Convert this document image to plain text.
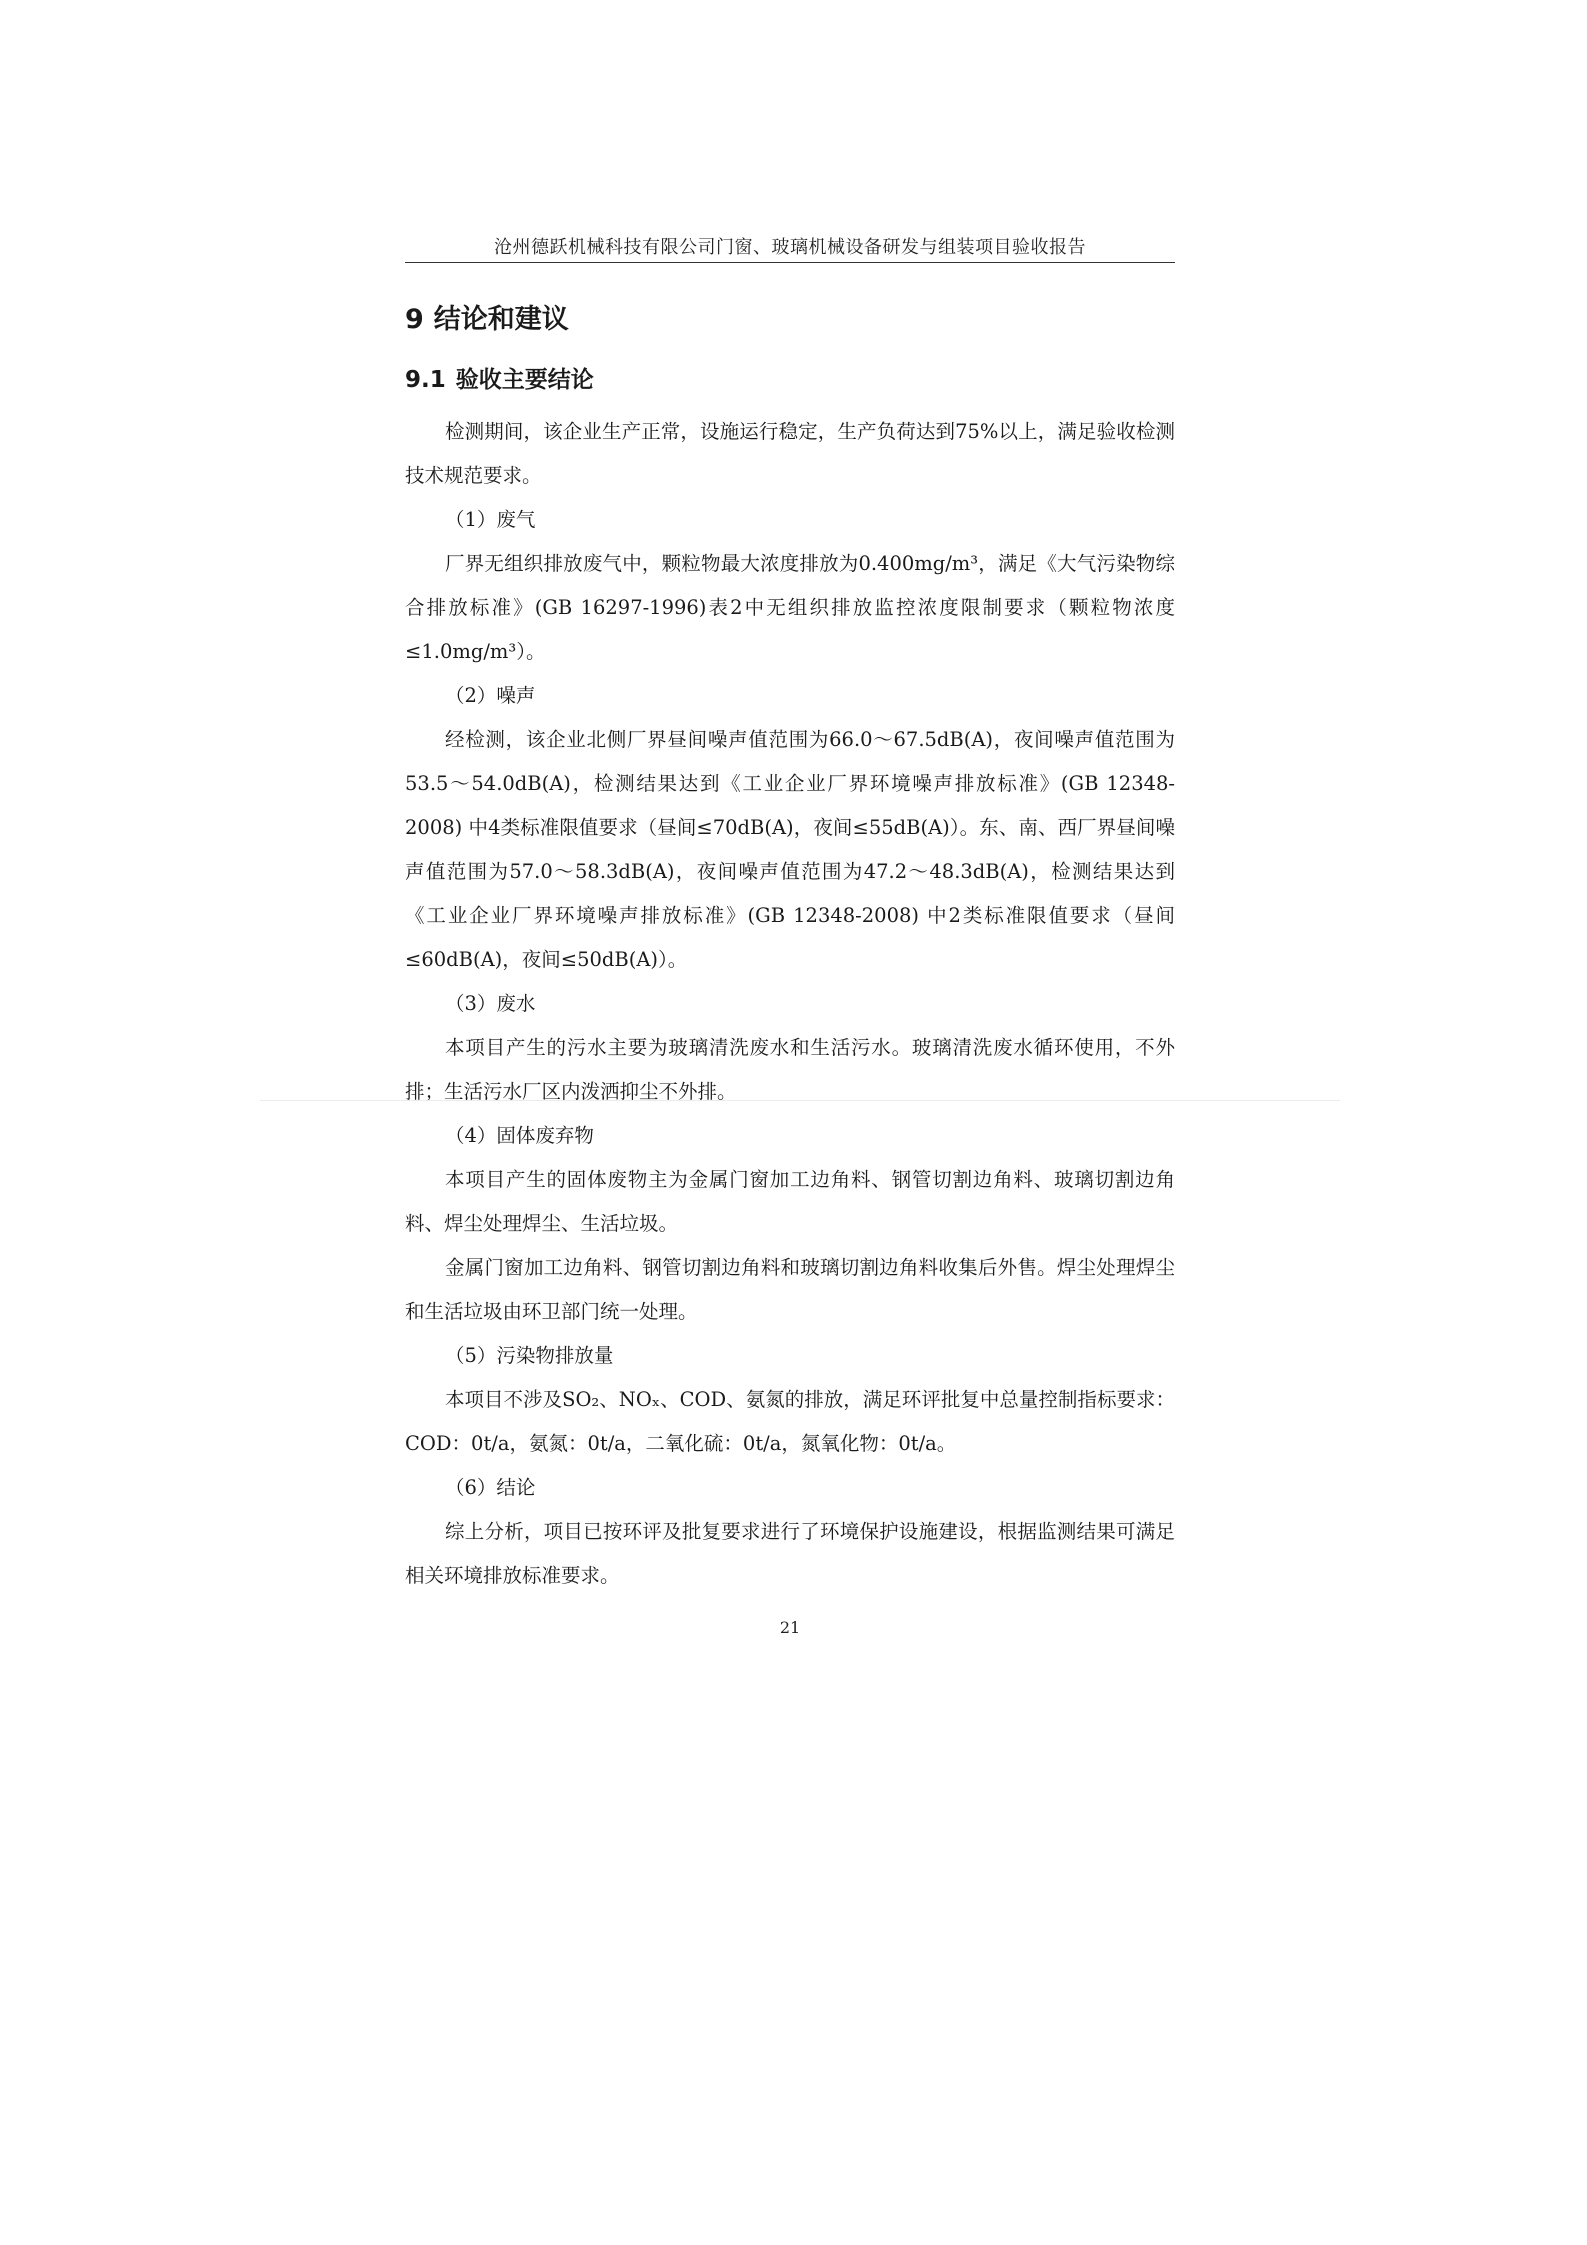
沧州德跃机械科技有限公司门窗、玻璃机械设备研发与组装项目验收报告
9 结论和建议
9.1 验收主要结论

检测期间，该企业生产正常，设施运行稳定，生产负荷达到75%以上，满足验收检测技术规范要求。

（1）废气

厂界无组织排放废气中，颗粒物最大浓度排放为0.400mg/m³，满足《大气污染物综合排放标准》(GB 16297-1996)表2中无组织排放监控浓度限制要求（颗粒物浓度≤1.0mg/m³）。

（2）噪声

经检测，该企业北侧厂界昼间噪声值范围为66.0～67.5dB(A)，夜间噪声值范围为53.5～54.0dB(A)，检测结果达到《工业企业厂界环境噪声排放标准》(GB 12348-2008) 中4类标准限值要求（昼间≤70dB(A)，夜间≤55dB(A)）。东、南、西厂界昼间噪声值范围为57.0～58.3dB(A)，夜间噪声值范围为47.2～48.3dB(A)，检测结果达到《工业企业厂界环境噪声排放标准》(GB 12348-2008) 中2类标准限值要求（昼间≤60dB(A)，夜间≤50dB(A)）。

（3）废水

本项目产生的污水主要为玻璃清洗废水和生活污水。玻璃清洗废水循环使用，不外排；生活污水厂区内泼洒抑尘不外排。

（4）固体废弃物

本项目产生的固体废物主为金属门窗加工边角料、钢管切割边角料、玻璃切割边角料、焊尘处理焊尘、生活垃圾。

金属门窗加工边角料、钢管切割边角料和玻璃切割边角料收集后外售。焊尘处理焊尘和生活垃圾由环卫部门统一处理。

（5）污染物排放量

本项目不涉及SO₂、NOₓ、COD、氨氮的排放，满足环评批复中总量控制指标要求：COD：0t/a，氨氮：0t/a，二氧化硫：0t/a，氮氧化物：0t/a。

（6）结论

综上分析，项目已按环评及批复要求进行了环境保护设施建设，根据监测结果可满足相关环境排放标准要求。

21
